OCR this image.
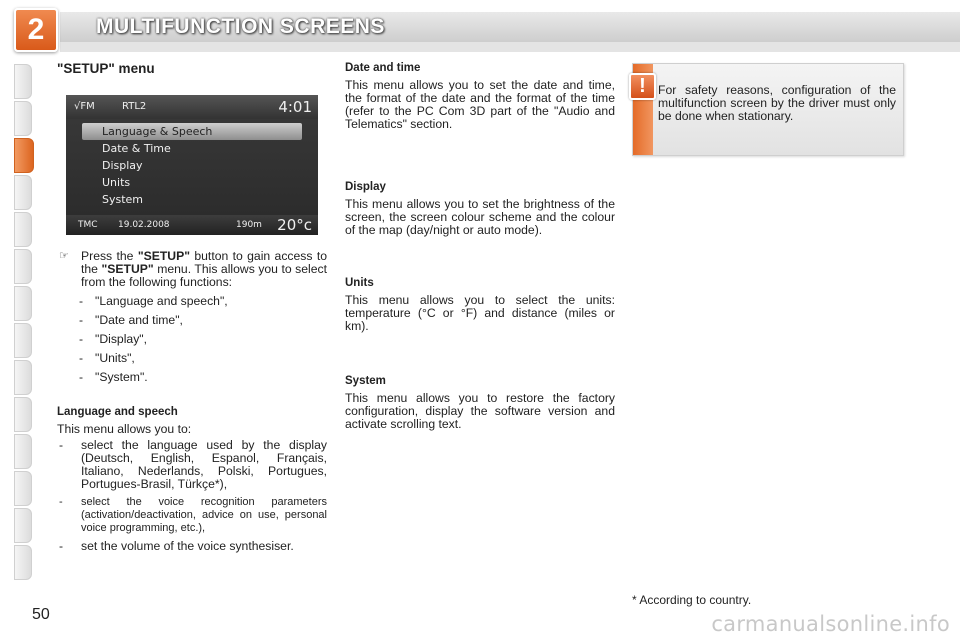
2	MULTIFUNCTION SCREENS
"SETUP" menu
√FM	RTL2	4:01
Language & Speech
Date & Time
Display
Units
System
TMC 19.02.2008	190m 20°c
☞ Press the "SETUP" button to gain access to the "SETUP" menu. This allows you to select from the following functions:
- "Language and speech",
- "Date and time",
- "Display",
- "Units",
- "System".
Language and speech
This menu allows you to:
- select the language used by the display (Deutsch, English, Espanol, Français, Italiano, Nederlands, Polski, Portugues, Portugues-Brasil, Türkçe*),
- select the voice recognition parameters (activation/deactivation, advice on use, personal voice programming, etc.),
- set the volume of the voice synthesiser.
Date and time
This menu allows you to set the date and time, the format of the date and the format of the time (refer to the PC Com 3D part of the "Audio and Telematics" section.
Display
This menu allows you to set the brightness of the screen, the screen colour scheme and the colour of the map (day/night or auto mode).
Units
This menu allows you to select the units: temperature (°C or °F) and distance (miles or km).
System
This menu allows you to restore the factory configuration, display the software version and activate scrolling text.
! For safety reasons, configuration of the multifunction screen by the driver must only be done when stationary.
* According to country.
50	carmanualsonline.info
